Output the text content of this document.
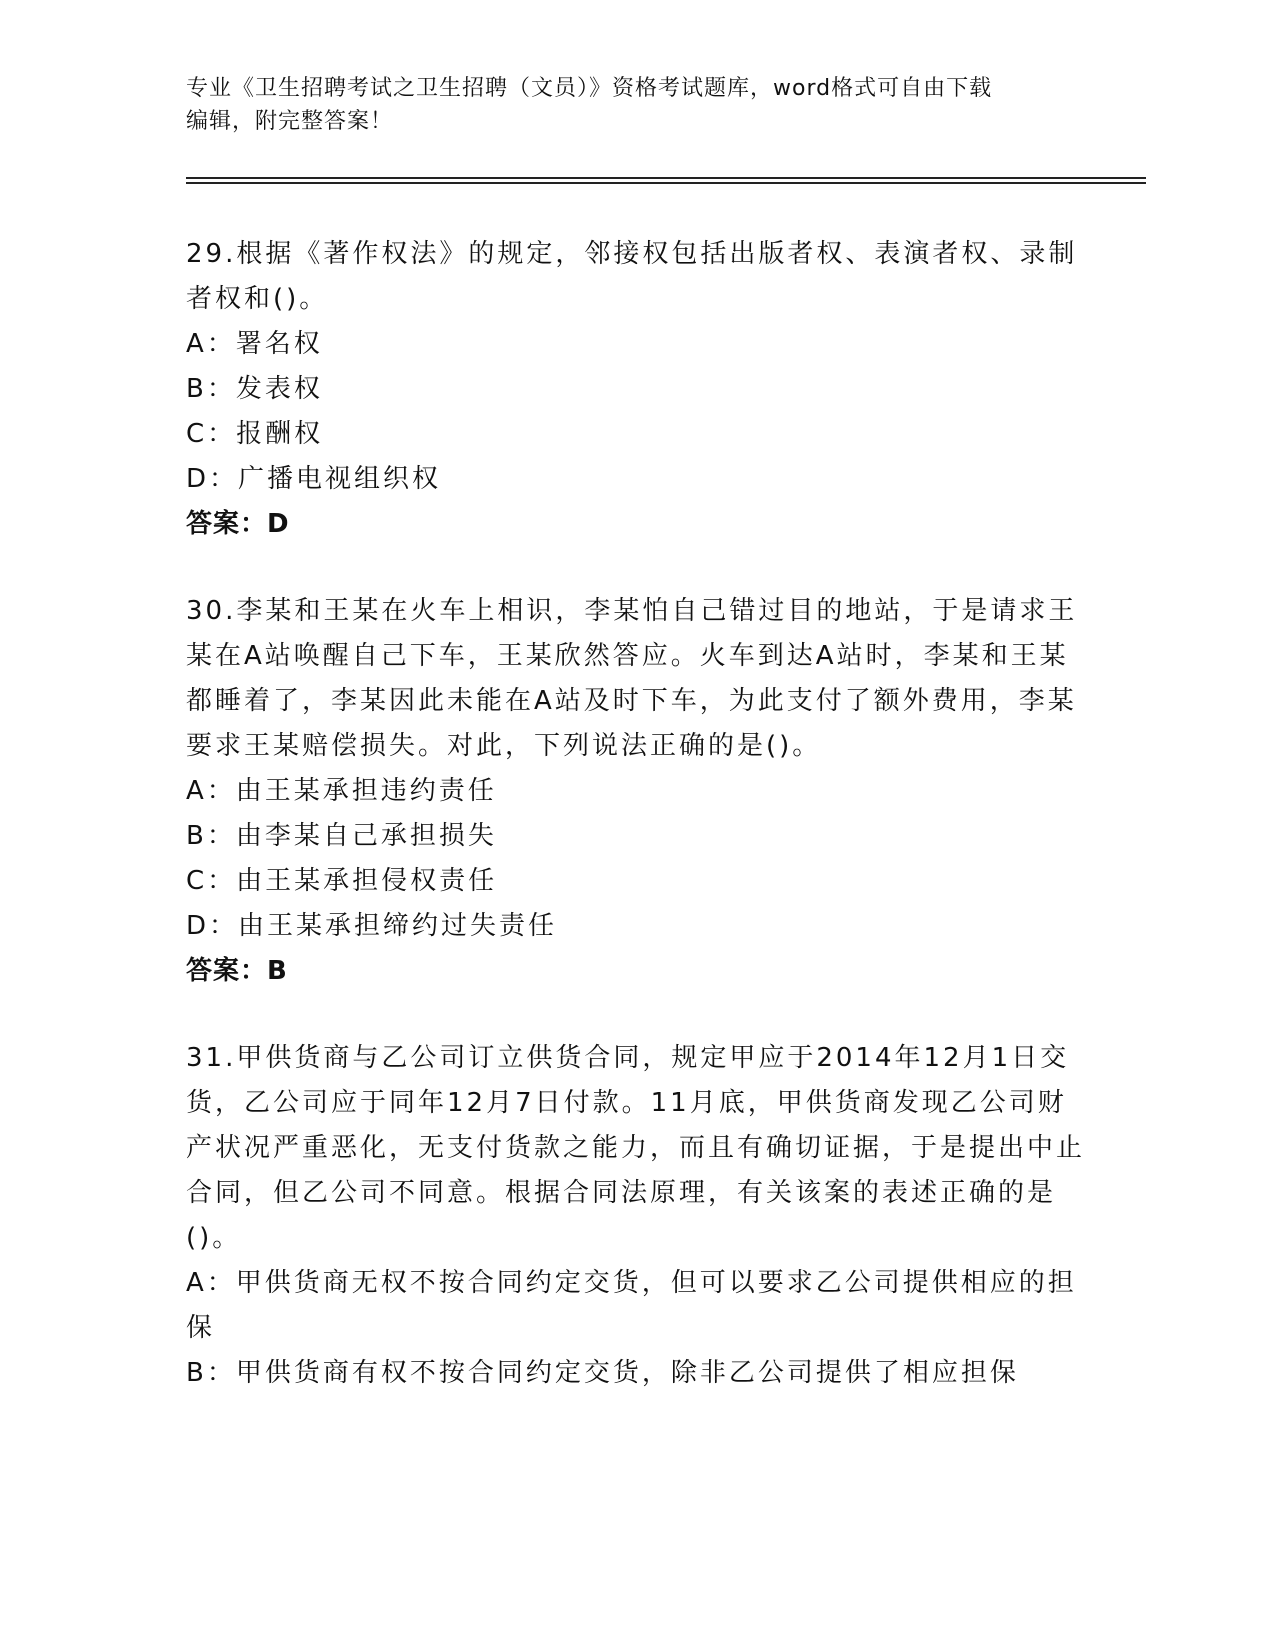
专业《卫生招聘考试之卫生招聘（文员）》资格考试题库，word格式可自由下载
编辑，附完整答案！
29.根据《著作权法》的规定，邻接权包括出版者权、表演者权、录制者权和()。
A：署名权
B：发表权
C：报酬权
D：广播电视组织权
答案：D
30.李某和王某在火车上相识，李某怕自己错过目的地站，于是请求王某在A站唤醒自己下车，王某欣然答应。火车到达A站时，李某和王某都睡着了，李某因此未能在A站及时下车，为此支付了额外费用，李某要求王某赔偿损失。对此，下列说法正确的是()。
A：由王某承担违约责任
B：由李某自己承担损失
C：由王某承担侵权责任
D：由王某承担缔约过失责任
答案：B
31.甲供货商与乙公司订立供货合同，规定甲应于2014年12月1日交货，乙公司应于同年12月7日付款。11月底，甲供货商发现乙公司财产状况严重恶化，无支付货款之能力，而且有确切证据，于是提出中止合同，但乙公司不同意。根据合同法原理，有关该案的表述正确的是()。
A：甲供货商无权不按合同约定交货，但可以要求乙公司提供相应的担保
B：甲供货商有权不按合同约定交货，除非乙公司提供了相应担保
